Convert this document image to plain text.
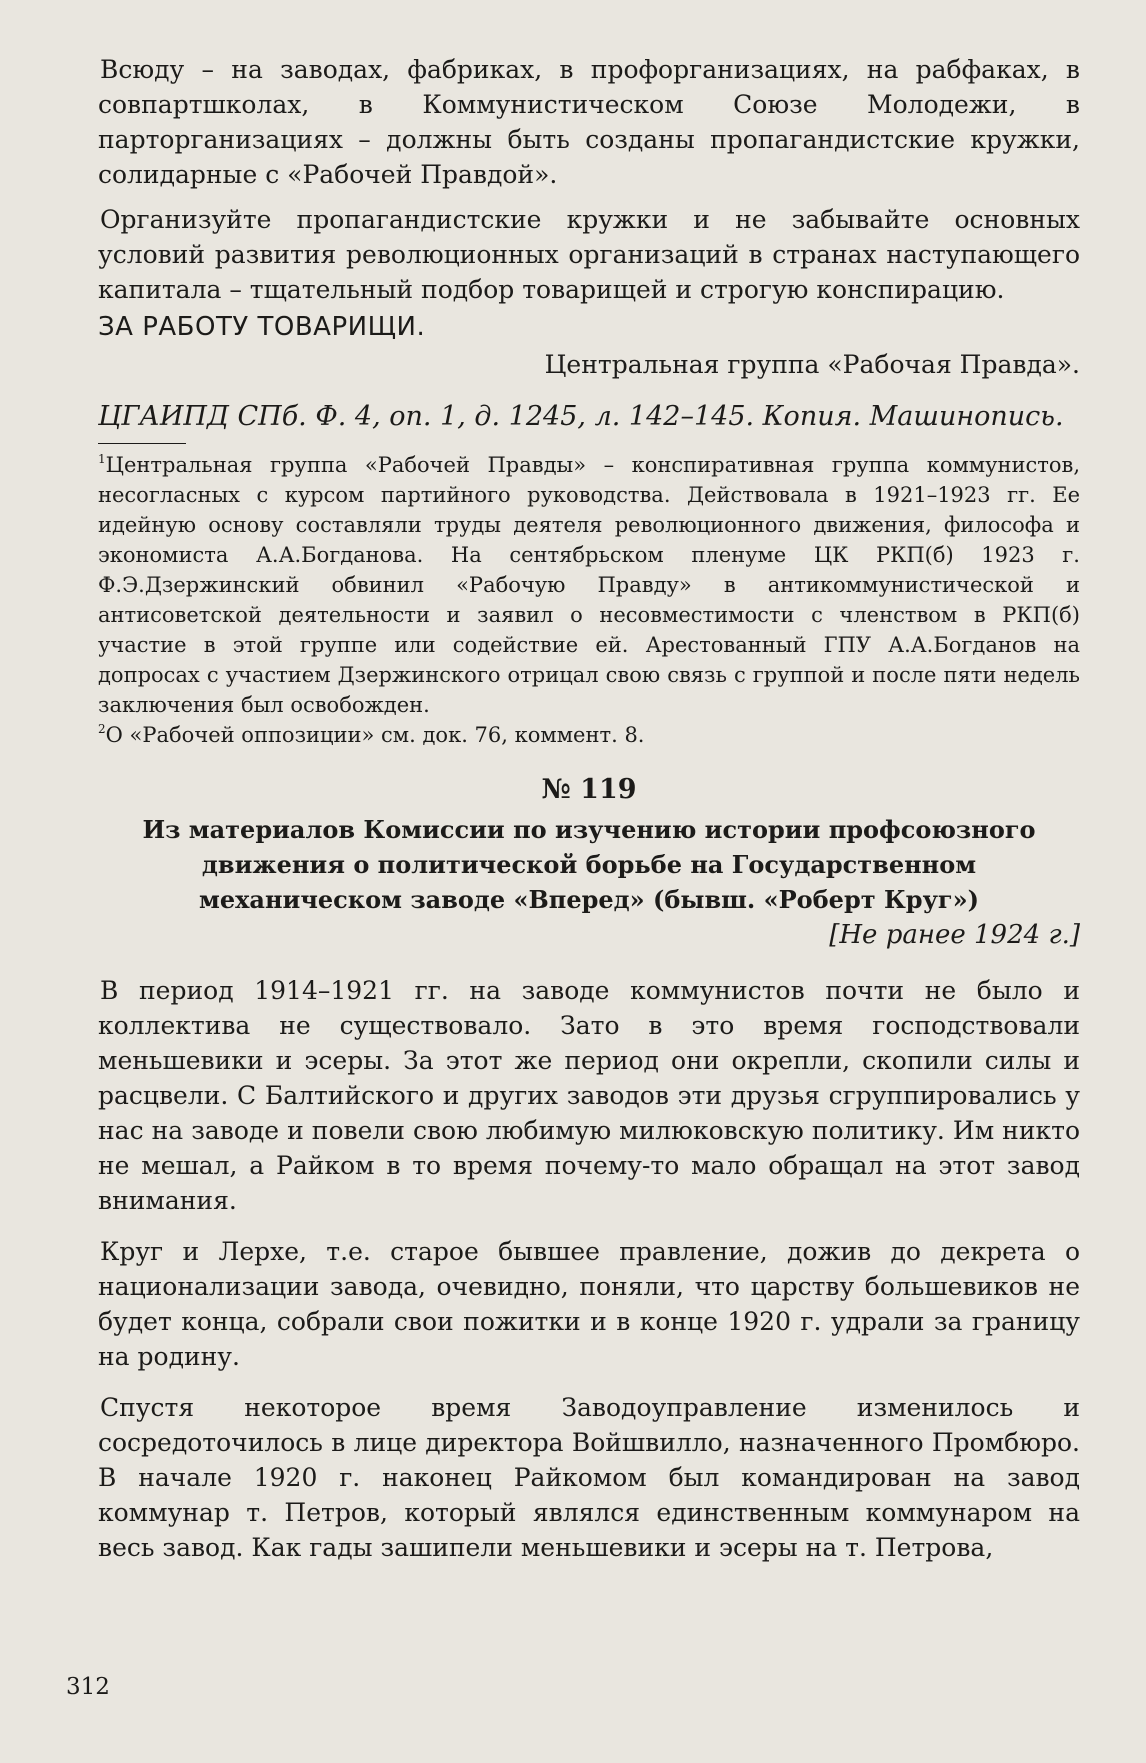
Всюду – на заводах, фабриках, в профорганизациях, на рабфаках, в совпартшколах, в Коммунистическом Союзе Молодежи, в парторганизациях – должны быть созданы пропагандистские кружки, солидарные с «Рабочей Правдой».

Организуйте пропагандистские кружки и не забывайте основных условий развития революционных организаций в странах наступающего капитала – тщательный подбор товарищей и строгую конспирацию.

ЗА РАБОТУ ТОВАРИЩИ.

Центральная группа «Рабочая Правда».

ЦГАИПД СПб. Ф. 4, оп. 1, д. 1245, л. 142–145. Копия. Машинопись.

$^1$Центральная группа «Рабочей Правды» – конспиративная группа коммунистов, несогласных с курсом партийного руководства. Действовала в 1921–1923 гг. Ее идейную основу составляли труды деятеля революционного движения, философа и экономиста А.А.Богданова. На сентябрьском пленуме ЦК РКП(б) 1923 г. Ф.Э.Дзержинский обвинил «Рабочую Правду» в антикоммунистической и антисоветской деятельности и заявил о несовместимости с членством в РКП(б) участие в этой группе или содействие ей. Арестованный ГПУ А.А.Богданов на допросах с участием Дзержинского отрицал свою связь с группой и после пяти недель заключения был освобожден.

$^2$О «Рабочей оппозиции» см. док. 76, коммент. 8.

№ 119

Из материалов Комиссии по изучению истории профсоюзного движения о политической борьбе на Государственном механическом заводе «Вперед» (бывш. «Роберт Круг»)

[Не ранее 1924 г.]

В период 1914–1921 гг. на заводе коммунистов почти не было и коллектива не существовало. Зато в это время господствовали меньшевики и эсеры. За этот же период они окрепли, скопили силы и расцвели. С Балтийского и других заводов эти друзья сгруппировались у нас на заводе и повели свою любимую милюковскую политику. Им никто не мешал, а Райком в то время почему-то мало обращал на этот завод внимания.

Круг и Лерхе, т.е. старое бывшее правление, дожив до декрета о национализации завода, очевидно, поняли, что царству большевиков не будет конца, собрали свои пожитки и в конце 1920 г. удрали за границу на родину.

Спустя некоторое время Заводоуправление изменилось и сосредоточилось в лице директора Войшвилло, назначенного Промбюро. В начале 1920 г. наконец Райкомом был командирован на завод коммунар т. Петров, который являлся единственным коммунаром на весь завод. Как гады зашипели меньшевики и эсеры на т. Петрова,

312
